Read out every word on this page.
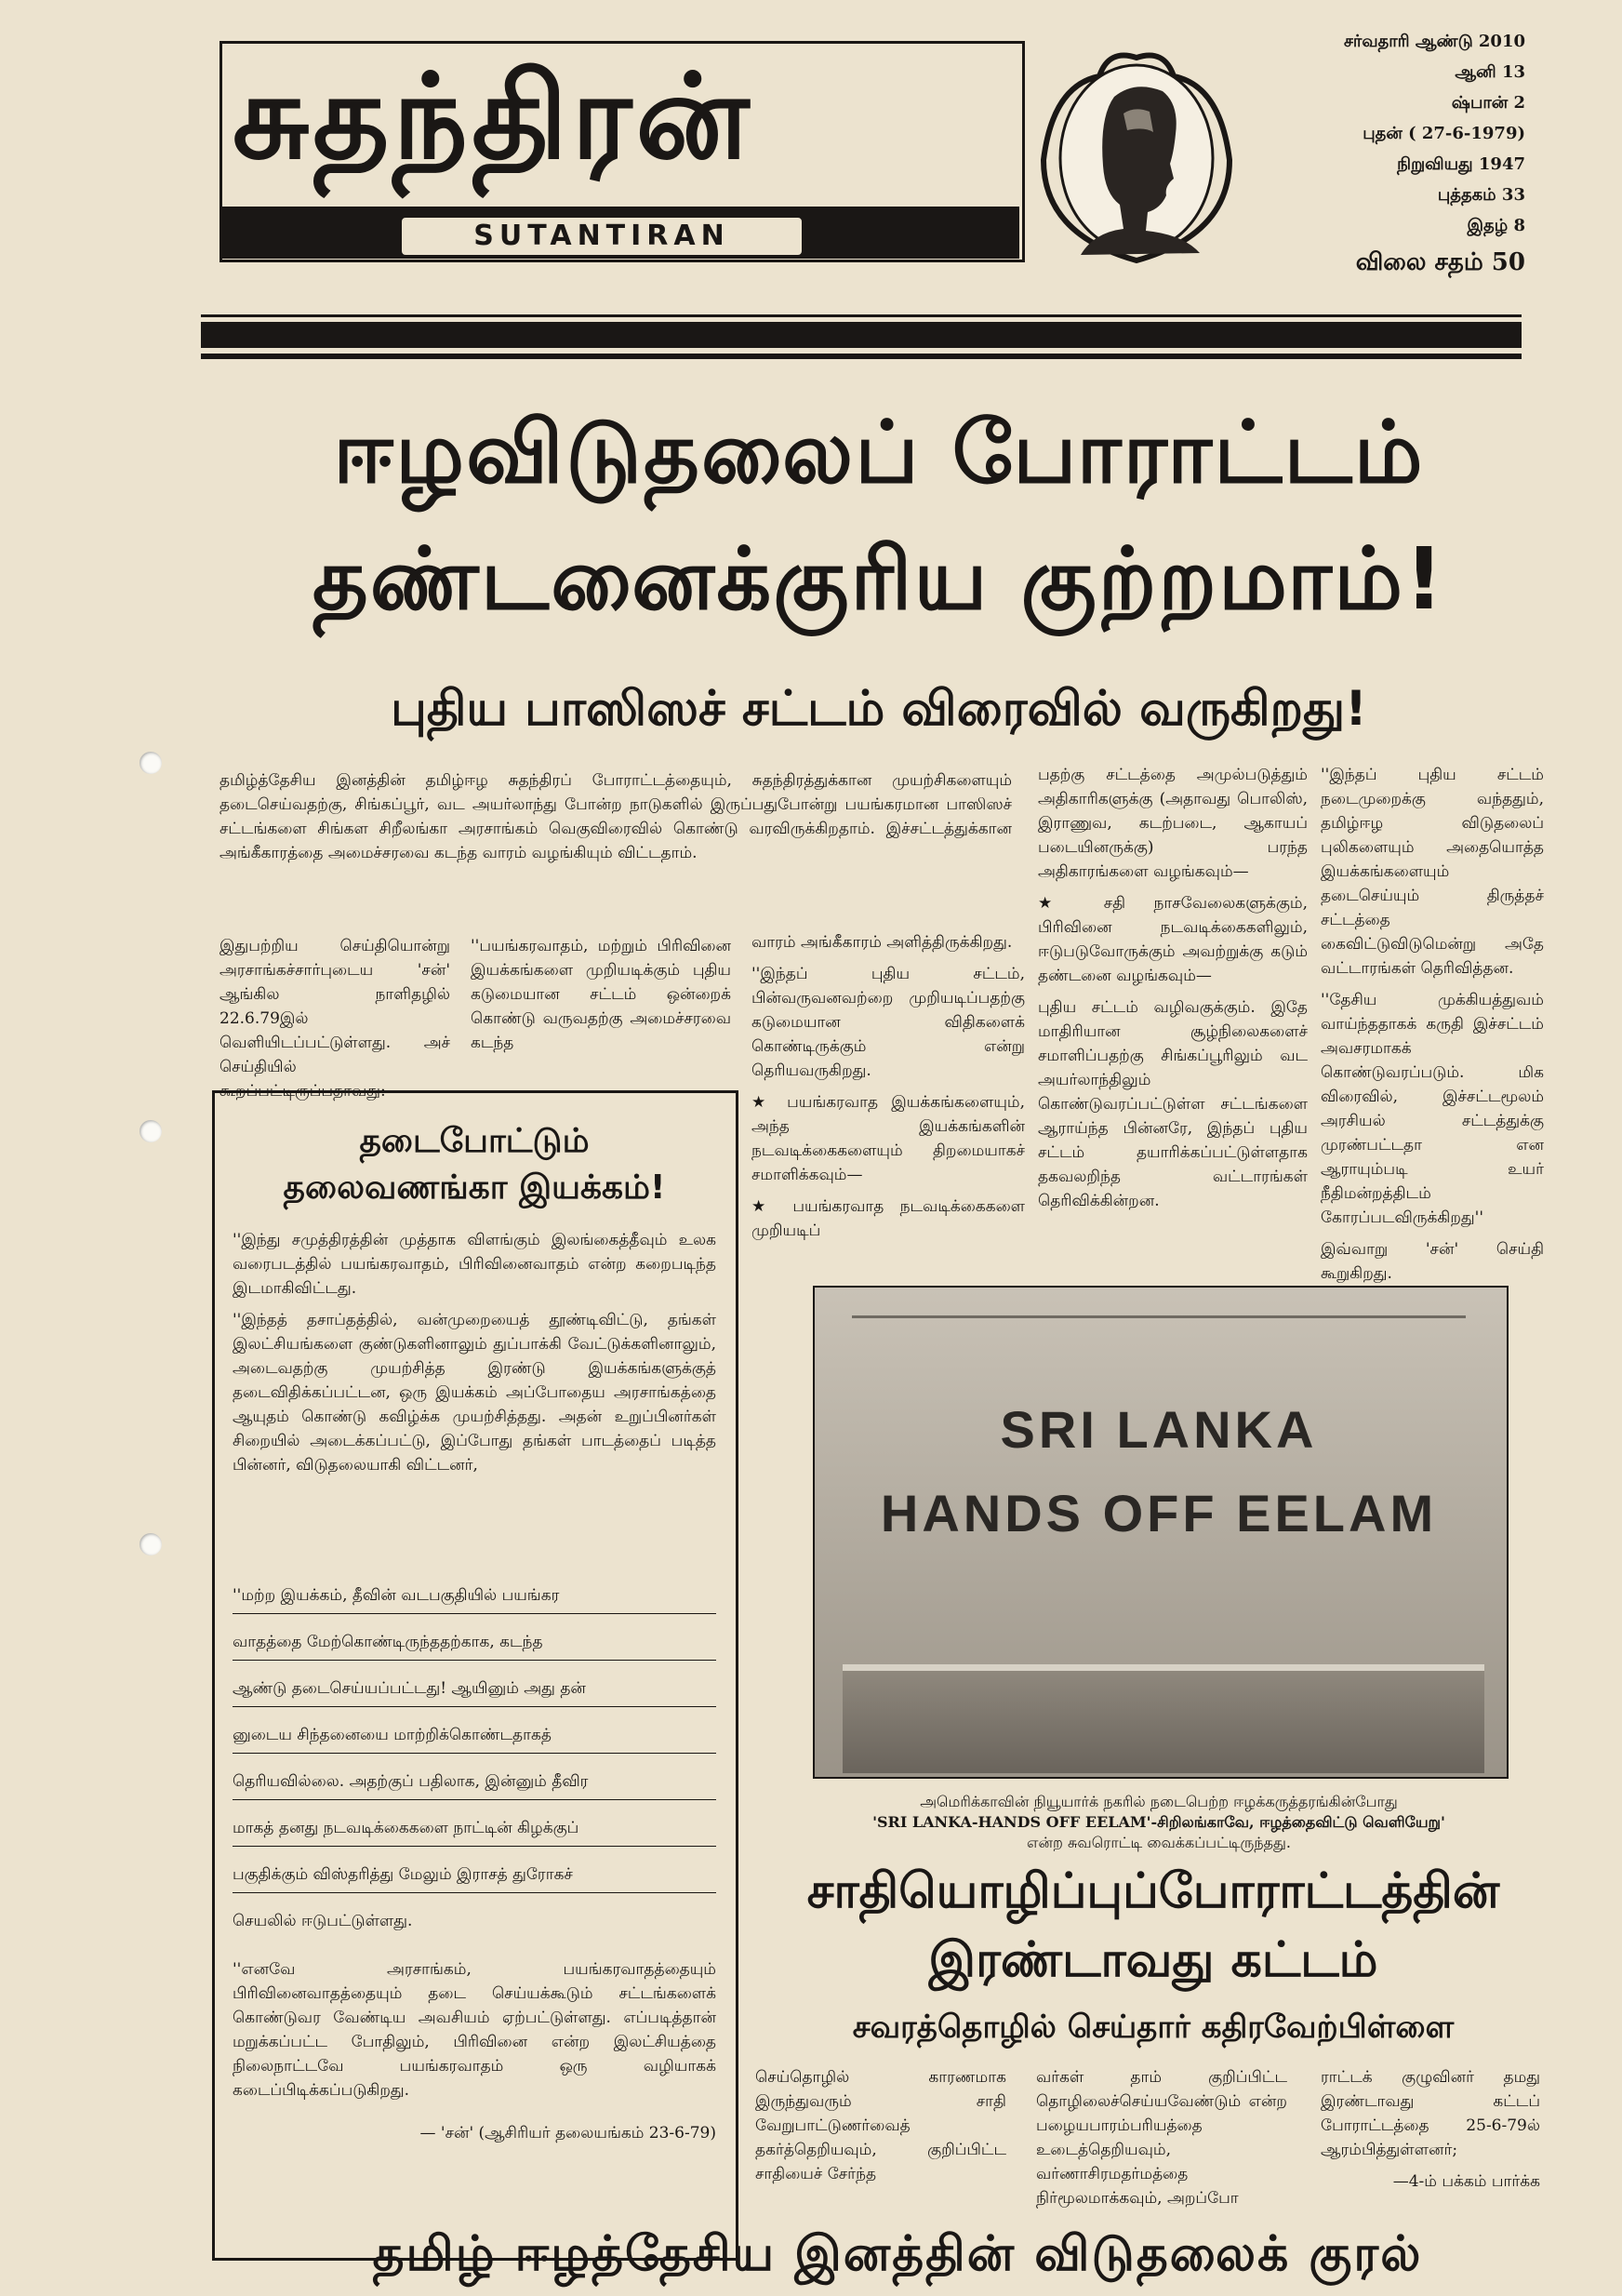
சுதந்திரன்
SUTANTIRAN
சர்வதாரி ஆண்டு 2010
ஆனி 13
ஷ்பான் 2
புதன் ( 27-6-1979)
நிறுவியது 1947
புத்தகம் 33
இதழ் 8
விலை சதம் 50
ஈழவிடுதலைப் போராட்டம்
தண்டனைக்குரிய குற்றமாம்!
புதிய பாஸிஸச் சட்டம் விரைவில் வருகிறது!

தமிழ்த்தேசிய இனத்தின் தமிழ்ஈழ சுதந்திரப் போராட்டத்தையும், சுதந்திரத்துக்கான முயற்சிகளையும் தடைசெய்வதற்கு, சிங்கப்பூர், வட அயர்லாந்து போன்ற நாடுகளில் இருப்பதுபோன்று பயங்கரமான பாஸிஸச் சட்டங்களை சிங்கள சிறீலங்கா அரசாங்கம் வெகுவிரைவில் கொண்டு வரவிருக்கிறதாம். இச்சட்டத்துக்கான அங்கீகாரத்தை அமைச்சரவை கடந்த வாரம் வழங்கியும் விட்டதாம்.

இதுபற்றிய செய்தியொன்று அரசாங்கச்சார்புடைய 'சன்' ஆங்கில நாளிதழில் 22.6.79இல் வெளியிடப்பட்டுள்ளது. அச் செய்தியில் கூறப்பட்டிருப்பதாவது:

''பயங்கரவாதம், மற்றும் பிரிவினை இயக்கங்களை முறியடிக்கும் புதிய கடுமையான சட்டம் ஒன்றைக் கொண்டு வருவதற்கு அமைச்சரவை கடந்த

வாரம் அங்கீகாரம் அளித்திருக்கிறது.

''இந்தப் புதிய சட்டம், பின்வருவனவற்றை முறியடிப்பதற்கு கடுமையான விதிகளைக் கொண்டிருக்கும் என்று தெரியவருகிறது.

★ பயங்கரவாத இயக்கங்களையும், அந்த இயக்கங்களின் நடவடிக்கைகளையும் திறமையாகச் சமாளிக்கவும்—

★ பயங்கரவாத நடவடிக்கைகளை முறியடிப்

பதற்கு சட்டத்தை அமுல்படுத்தும் அதிகாரிகளுக்கு (அதாவது பொலிஸ், இராணுவ, கடற்படை, ஆகாயப் படையினருக்கு) பரந்த அதிகாரங்களை வழங்கவும்—

★ சதி நாசவேலைகளுக்கும், பிரிவினை நடவடிக்கைகளிலும், ஈடுபடுவோருக்கும் அவற்றுக்கு கடும் தண்டனை வழங்கவும்—

புதிய சட்டம் வழிவகுக்கும். இதே மாதிரியான சூழ்நிலைகளைச் சமாளிப்பதற்கு சிங்கப்பூரிலும் வட அயர்லாந்திலும் கொண்டுவரப்பட்டுள்ள சட்டங்களை ஆராய்ந்த பின்னரே, இந்தப் புதிய சட்டம் தயாரிக்கப்பட்டுள்ளதாக தகவலறிந்த வட்டாரங்கள் தெரிவிக்கின்றன.

''இந்தப் புதிய சட்டம் நடைமுறைக்கு வந்ததும், தமிழ்ஈழ விடுதலைப் புலிகளையும் அதையொத்த இயக்கங்களையும் தடைசெய்யும் திருத்தச் சட்டத்தை கைவிட்டுவிடுமென்று அதே வட்டாரங்கள் தெரிவித்தன.

''தேசிய முக்கியத்துவம் வாய்ந்ததாகக் கருதி இச்சட்டம் அவசரமாகக் கொண்டுவரப்படும். மிக விரைவில், இச்சட்டமூலம் அரசியல் சட்டத்துக்கு முரண்பட்டதா என ஆராயும்படி உயர் நீதிமன்றத்திடம் கோரப்படவிருக்கிறது''

இவ்வாறு 'சன்' செய்தி கூறுகிறது.

தடைபோட்டும்
தலைவணங்கா இயக்கம்!

''இந்து சமுத்திரத்தின் முத்தாக விளங்கும் இலங்கைத்தீவும் உலக வரைபடத்தில் பயங்கரவாதம், பிரிவினைவாதம் என்ற கறைபடிந்த இடமாகிவிட்டது.

''இந்தத் தசாப்தத்தில், வன்முறையைத் தூண்டிவிட்டு, தங்கள் இலட்சியங்களை குண்டுகளினாலும் துப்பாக்கி வேட்டுக்களினாலும், அடைவதற்கு முயற்சித்த இரண்டு இயக்கங்களுக்குத் தடைவிதிக்கப்பட்டன, ஒரு இயக்கம் அப்போதைய அரசாங்கத்தை ஆயுதம் கொண்டு கவிழ்க்க முயற்சித்தது. அதன் உறுப்பினர்கள் சிறையில் அடைக்கப்பட்டு, இப்போது தங்கள் பாடத்தைப் படித்த பின்னர், விடுதலையாகி விட்டனர்,

''மற்ற இயக்கம், தீவின் வடபகுதியில் பயங்கர
வாதத்தை மேற்கொண்டிருந்ததற்காக, கடந்த
ஆண்டு தடைசெய்யப்பட்டது! ஆயினும் அது தன்
னுடைய சிந்தனையை மாற்றிக்கொண்டதாகத்
தெரியவில்லை. அதற்குப் பதிலாக, இன்னும் தீவிர
மாகத் தனது நடவடிக்கைகளை நாட்டின் கிழக்குப்
பகுதிக்கும் விஸ்தரித்து மேலும் இராசத் துரோகச்
செயலில் ஈடுபட்டுள்ளது.

''எனவே அரசாங்கம், பயங்கரவாதத்தையும் பிரிவினைவாதத்தையும் தடை செய்யக்கூடும் சட்டங்களைக் கொண்டுவர வேண்டிய அவசியம் ஏற்பட்டுள்ளது. எப்படித்தான் மறுக்கப்பட்ட போதிலும், பிரிவினை என்ற இலட்சியத்தை நிலைநாட்டவே பயங்கரவாதம் ஒரு வழியாகக் கடைப்பிடிக்கப்படுகிறது.

— 'சன்' (ஆசிரியர் தலையங்கம் 23-6-79)

SRI LANKA
HANDS OFF EELAM
அமெரிக்காவின் நியூயார்க் நகரில் நடைபெற்ற ஈழக்கருத்தரங்கின்போது
'SRI LANKA-HANDS OFF EELAM'-சிறிலங்காவே, ஈழத்தைவிட்டு வெளியேறு'
என்ற சுவரொட்டி வைக்கப்பட்டிருந்தது.
சாதியொழிப்புப்போராட்டத்தின்
இரண்டாவது கட்டம்
சவரத்தொழில் செய்தார் கதிரவேற்பிள்ளை

செய்தொழில் காரணமாக இருந்துவரும் சாதி வேறுபாட்டுணர்வைத் தகர்த்தெறியவும், குறிப்பிட்ட சாதியைச் சேர்ந்த

வர்கள் தாம் குறிப்பிட்ட தொழிலைச்செய்யவேண்டும் என்ற பழையபாரம்பரியத்தை உடைத்தெறியவும், வர்ணாசிரமதர்மத்தை நிர்மூலமாக்கவும், அறப்போ

ராட்டக் குழுவினர் தமது இரண்டாவது கட்டப் போராட்டத்தை 25-6-79ல் ஆரம்பித்துள்ளனர்;

—4-ம் பக்கம் பார்க்க

தமிழ் ஈழத்தேசிய இனத்தின் விடுதலைக் குரல்
